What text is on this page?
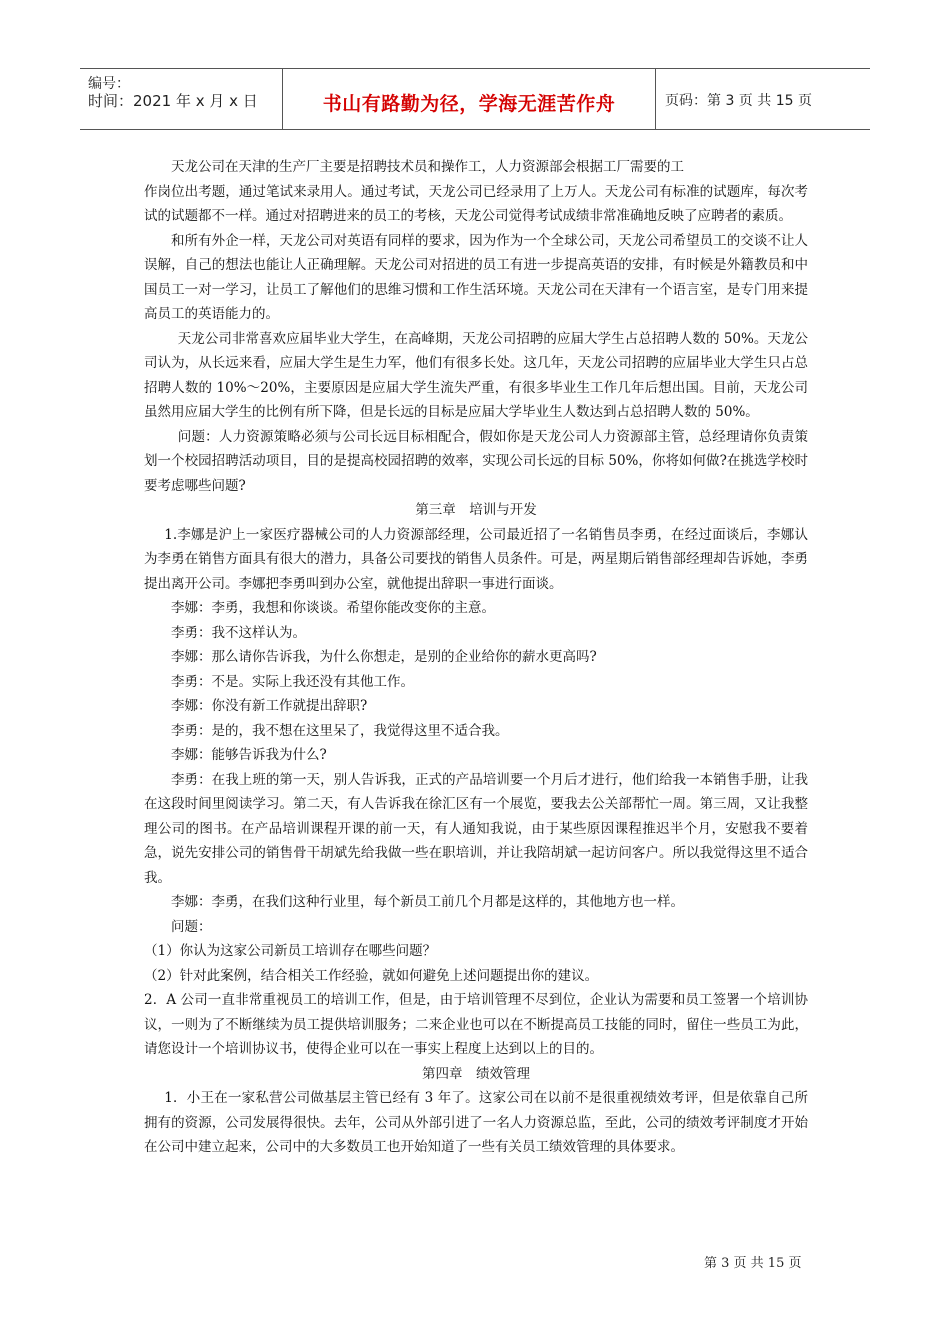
编号：
时间：2021 年 x 月 x 日	书山有路勤为径，学海无涯苦作舟	页码：第 3 页 共 15 页

天龙公司在天津的生产厂主要是招聘技术员和操作工，人力资源部会根据工厂需要的工

作岗位出考题，通过笔试来录用人。通过考试，天龙公司已经录用了上万人。天龙公司有标准的试题库，每次考试的试题都不一样。通过对招聘进来的员工的考核，天龙公司觉得考试成绩非常准确地反映了应聘者的素质。

和所有外企一样，天龙公司对英语有同样的要求，因为作为一个全球公司，天龙公司希望员工的交谈不让人误解，自己的想法也能让人正确理解。天龙公司对招进的员工有进一步提高英语的安排，有时候是外籍教员和中国员工一对一学习，让员工了解他们的思维习惯和工作生活环境。天龙公司在天津有一个语言室，是专门用来提高员工的英语能力的。

天龙公司非常喜欢应届毕业大学生，在高峰期，天龙公司招聘的应届大学生占总招聘人数的 50%。天龙公司认为，从长远来看，应届大学生是生力军，他们有很多长处。这几年，天龙公司招聘的应届毕业大学生只占总招聘人数的 10%～20%，主要原因是应届大学生流失严重，有很多毕业生工作几年后想出国。目前，天龙公司虽然用应届大学生的比例有所下降，但是长远的目标是应届大学毕业生人数达到占总招聘人数的 50%。

问题：人力资源策略必须与公司长远目标相配合，假如你是天龙公司人力资源部主管，总经理请你负责策划一个校园招聘活动项目，目的是提高校园招聘的效率，实现公司长远的目标 50%，你将如何做?在挑选学校时要考虑哪些问题?

第三章　培训与开发

1.李娜是沪上一家医疗器械公司的人力资源部经理，公司最近招了一名销售员李勇，在经过面谈后，李娜认为李勇在销售方面具有很大的潜力，具备公司要找的销售人员条件。可是，两星期后销售部经理却告诉她，李勇提出离开公司。李娜把李勇叫到办公室，就他提出辞职一事进行面谈。

李娜：李勇，我想和你谈谈。希望你能改变你的主意。

李勇：我不这样认为。

李娜：那么请你告诉我，为什么你想走，是别的企业给你的薪水更高吗?

李勇：不是。实际上我还没有其他工作。

李娜：你没有新工作就提出辞职?

李勇：是的，我不想在这里呆了，我觉得这里不适合我。

李娜：能够告诉我为什么?

李勇：在我上班的第一天，别人告诉我，正式的产品培训要一个月后才进行，他们给我一本销售手册，让我在这段时间里阅读学习。第二天，有人告诉我在徐汇区有一个展览，要我去公关部帮忙一周。第三周，又让我整理公司的图书。在产品培训课程开课的前一天，有人通知我说，由于某些原因课程推迟半个月，安慰我不要着急，说先安排公司的销售骨干胡斌先给我做一些在职培训，并让我陪胡斌一起访问客户。所以我觉得这里不适合我。

李娜：李勇，在我们这种行业里，每个新员工前几个月都是这样的，其他地方也一样。

问题：

（1）你认为这家公司新员工培训存在哪些问题？

（2）针对此案例，结合相关工作经验，就如何避免上述问题提出你的建议。

2．A 公司一直非常重视员工的培训工作，但是，由于培训管理不尽到位，企业认为需要和员工签署一个培训协议，一则为了不断继续为员工提供培训服务；二来企业也可以在不断提高员工技能的同时，留住一些员工为此，请您设计一个培训协议书，使得企业可以在一事实上程度上达到以上的目的。

第四章　绩效管理

1．小王在一家私营公司做基层主管已经有 3 年了。这家公司在以前不是很重视绩效考评，但是依靠自己所拥有的资源，公司发展得很快。去年，公司从外部引进了一名人力资源总监，至此，公司的绩效考评制度才开始在公司中建立起来，公司中的大多数员工也开始知道了一些有关员工绩效管理的具体要求。

第 3 页 共 15 页
